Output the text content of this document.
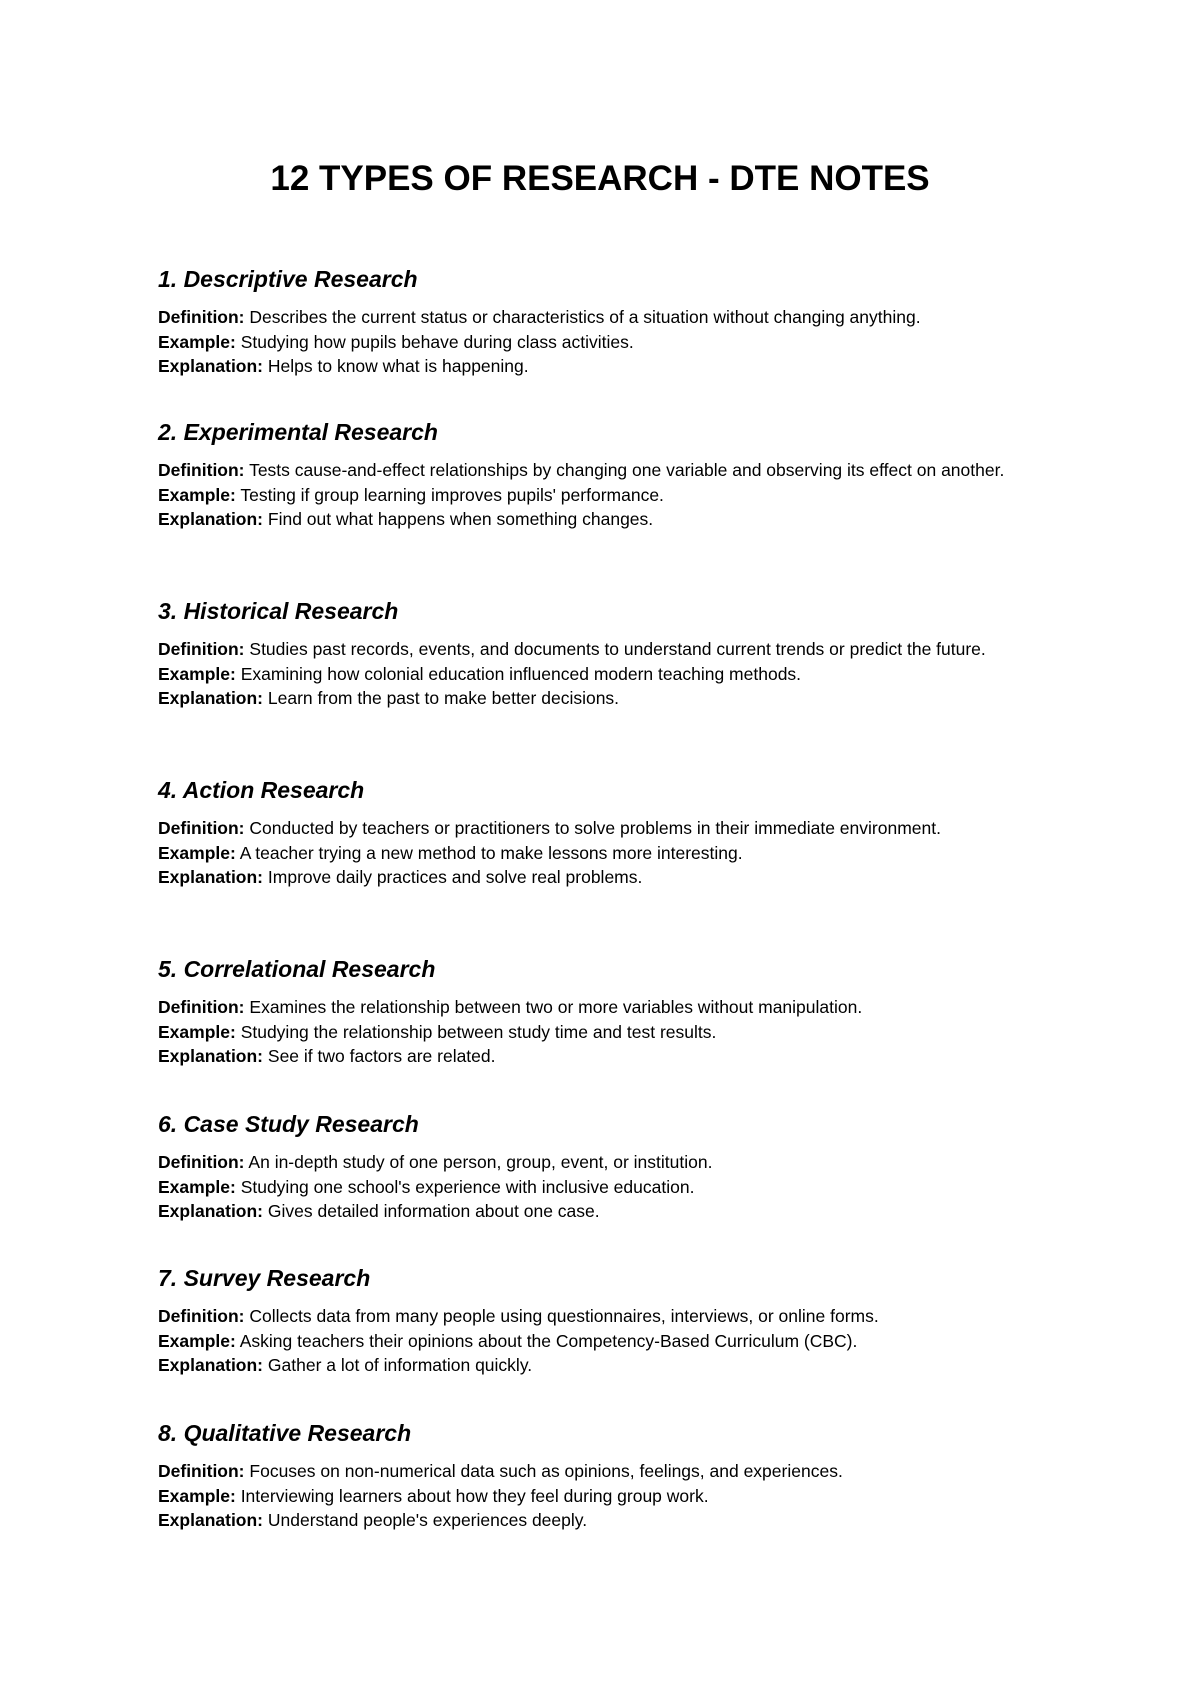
12 TYPES OF RESEARCH - DTE NOTES
1. Descriptive Research

Definition: Describes the current status or characteristics of a situation without changing anything.

Example: Studying how pupils behave during class activities.

Explanation: Helps to know what is happening.

2. Experimental Research

Definition: Tests cause-and-effect relationships by changing one variable and observing its effect on another.

Example: Testing if group learning improves pupils' performance.

Explanation: Find out what happens when something changes.

3. Historical Research

Definition: Studies past records, events, and documents to understand current trends or predict the future.

Example: Examining how colonial education influenced modern teaching methods.

Explanation: Learn from the past to make better decisions.

4. Action Research

Definition: Conducted by teachers or practitioners to solve problems in their immediate environment.

Example: A teacher trying a new method to make lessons more interesting.

Explanation: Improve daily practices and solve real problems.

5. Correlational Research

Definition: Examines the relationship between two or more variables without manipulation.

Example: Studying the relationship between study time and test results.

Explanation: See if two factors are related.

6. Case Study Research

Definition: An in-depth study of one person, group, event, or institution.

Example: Studying one school's experience with inclusive education.

Explanation: Gives detailed information about one case.

7. Survey Research

Definition: Collects data from many people using questionnaires, interviews, or online forms.

Example: Asking teachers their opinions about the Competency-Based Curriculum (CBC).

Explanation: Gather a lot of information quickly.

8. Qualitative Research

Definition: Focuses on non-numerical data such as opinions, feelings, and experiences.

Example: Interviewing learners about how they feel during group work.

Explanation: Understand people's experiences deeply.
